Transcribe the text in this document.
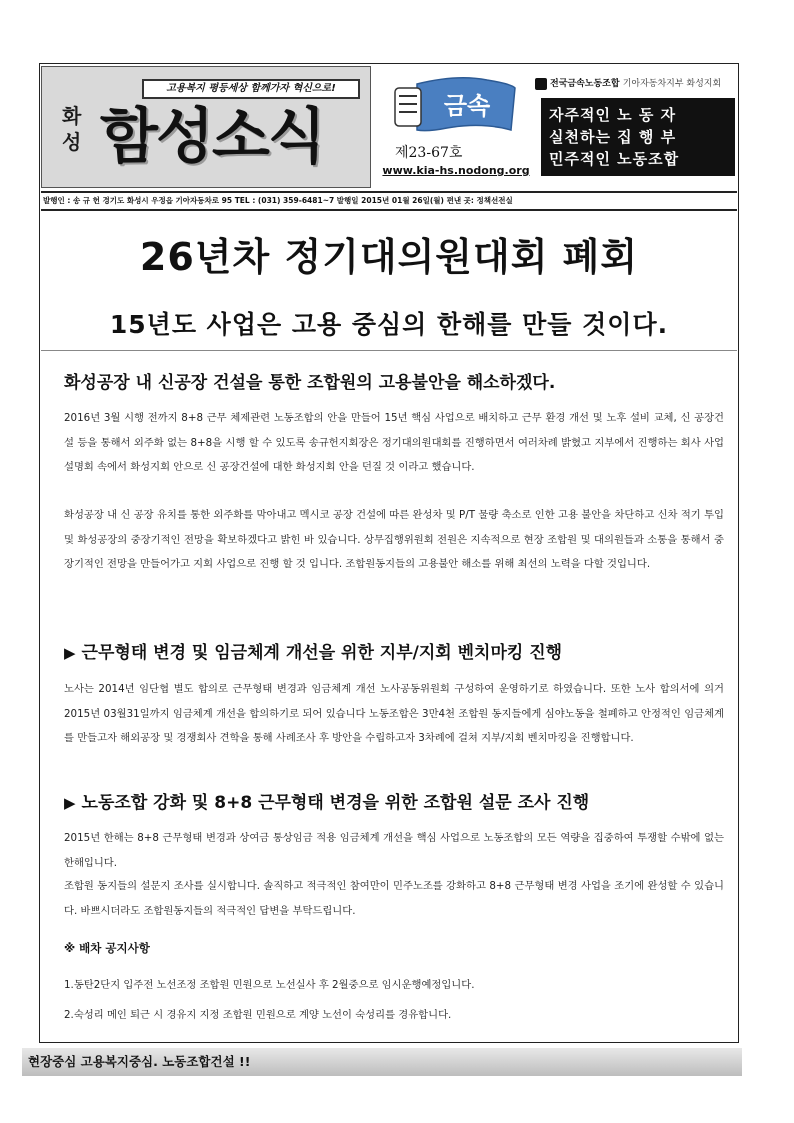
고용복지 평등세상 함께가자 혁신으로!
화성 함성소식	금속
제23-67호
www.kia-hs.nodong.org
전국금속노동조합 기아자동차지부 화성지회
자주적인 노 동 자
실천하는 집 행 부
민주적인 노동조합
발행인 : 송 규 헌 경기도 화성시 우정읍 기아자동차로 95 TEL : (031) 359-6481~7 발행일 2015년 01월 26일(월) 편낸 곳: 정책선전실
26년차 정기대의원대회 폐회
15년도 사업은 고용 중심의 한해를 만들 것이다.
화성공장 내 신공장 건설을 통한 조합원의 고용불안을 해소하겠다.

2016년 3월 시행 전까지 8+8 근무 체제관련 노동조합의 안을 만들어 15년 핵심 사업으로 배치하고 근무 환경 개선 및 노후 설비 교체, 신 공장건설 등을 통해서 외주화 없는 8+8을 시행 할 수 있도록 송규헌지회장은 정기대의원대회를 진행하면서 여러차례 밝혔고 지부에서 진행하는 회사 사업 설명회 속에서 화성지회 안으로 신 공장건설에 대한 화성지회 안을 던질 것 이라고 했습니다.

화성공장 내 신 공장 유치를 통한 외주화를 막아내고 멕시코 공장 건설에 따른 완성차 및 P/T 물량 축소로 인한 고용 불안을 차단하고 신차 적기 투입 및 화성공장의 중장기적인 전망을 확보하겠다고 밝힌 바 있습니다. 상무집행위원회 전원은 지속적으로 현장 조합원 및 대의원들과 소통을 통해서 중장기적인 전망을 만들어가고 지회 사업으로 진행 할 것 입니다. 조합원동지들의 고용불안 해소를 위해 최선의 노력을 다할 것입니다.

▶ 근무형태 변경 및 임금체계 개선을 위한 지부/지회 벤치마킹 진행

노사는 2014년 임단협 별도 합의로 근무형태 변경과 임금체계 개선 노사공동위원회 구성하여 운영하기로 하였습니다. 또한 노사 합의서에 의거 2015년 03월31일까지 임금체계 개선을 합의하기로 되어 있습니다 노동조합은 3만4천 조합원 동지들에게 심야노동을 철폐하고 안정적인 임금체계를 만들고자 해외공장 및 경쟁회사 견학을 통해 사례조사 후 방안을 수립하고자 3차례에 걸쳐 지부/지회 벤치마킹을 진행합니다.

▶ 노동조합 강화 및 8+8 근무형태 변경을 위한 조합원 설문 조사 진행

2015년 한해는 8+8 근무형태 변경과 상여금 통상임금 적용 임금체계 개선을 핵심 사업으로 노동조합의 모든 역량을 집중하여 투쟁할 수밖에 없는 한해입니다.

조합원 동지들의 설문지 조사를 실시합니다. 솔직하고 적극적인 참여만이 민주노조를 강화하고 8+8 근무형태 변경 사업을 조기에 완성할 수 있습니다. 바쁘시더라도 조합원동지들의 적극적인 답변을 부탁드립니다.

※ 배차 공지사항
1.동탄2단지 입주전 노선조정 조합원 민원으로 노선실사 후 2월중으로 임시운행예정입니다.
2.숙성리 메인 퇴근 시 경유지 지정 조합원 민원으로 계양 노선이 숙성리를 경유합니다.
현장중심 고용복지중심. 노동조합건설 !!
